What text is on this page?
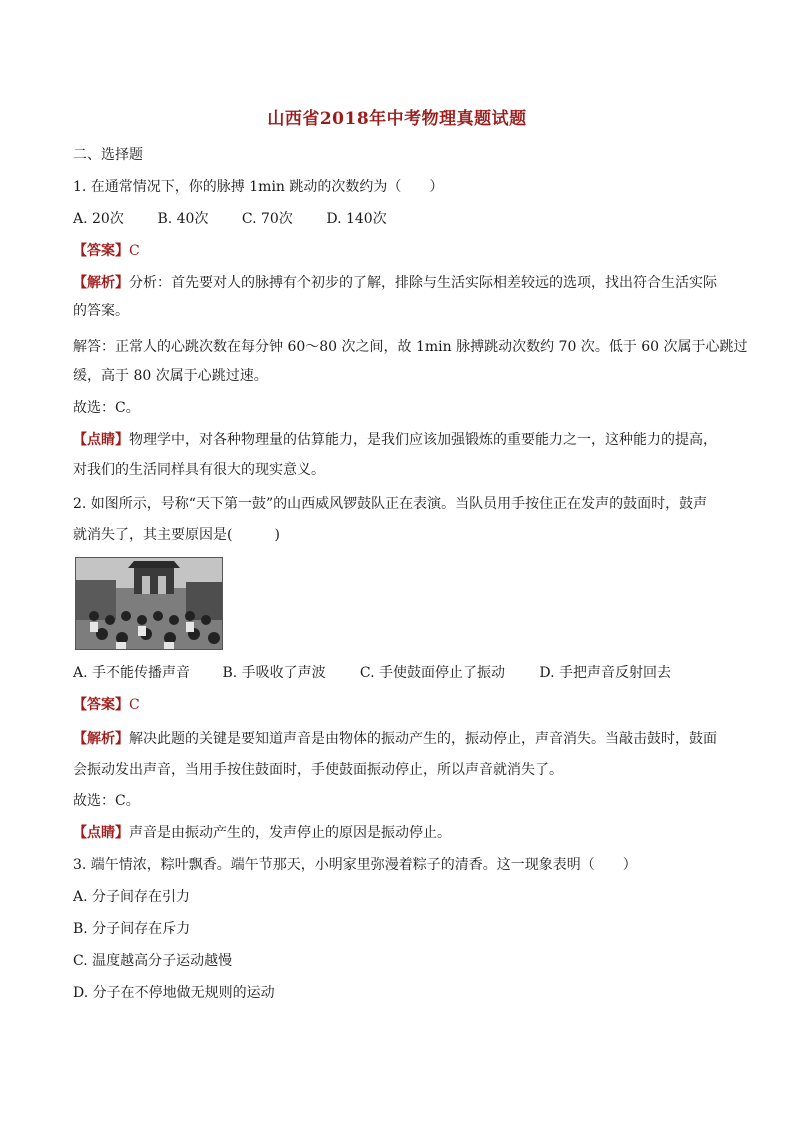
山西省2018年中考物理真题试题
二、选择题
1. 在通常情况下，你的脉搏 1min 跳动的次数约为（　　）
A. 20次 B. 40次 C. 70次 D. 140次
【答案】C
【解析】分析：首先要对人的脉搏有个初步的了解，排除与生活实际相差较远的选项，找出符合生活实际
的答案。
解答：正常人的心跳次数在每分钟 60～80 次之间，故 1min 脉搏跳动次数约 70 次。低于 60 次属于心跳过
缓，高于 80 次属于心跳过速。
故选：C。
【点睛】物理学中，对各种物理量的估算能力，是我们应该加强锻炼的重要能力之一，这种能力的提高，
对我们的生活同样具有很大的现实意义。
2. 如图所示，号称“天下第一鼓”的山西威风锣鼓队正在表演。当队员用手按住正在发声的鼓面时，鼓声
就消失了，其主要原因是(　　　)
A. 手不能传播声音 B. 手吸收了声波 C. 手使鼓面停止了振动 D. 手把声音反射回去
【答案】C
【解析】解决此题的关键是要知道声音是由物体的振动产生的，振动停止，声音消失。当敲击鼓时，鼓面
会振动发出声音，当用手按住鼓面时，手使鼓面振动停止，所以声音就消失了。
故选：C。
【点睛】声音是由振动产生的，发声停止的原因是振动停止。
3. 端午情浓，粽叶飘香。端午节那天，小明家里弥漫着粽子的清香。这一现象表明（　　）
A. 分子间存在引力
B. 分子间存在斥力
C. 温度越高分子运动越慢
D. 分子在不停地做无规则的运动
